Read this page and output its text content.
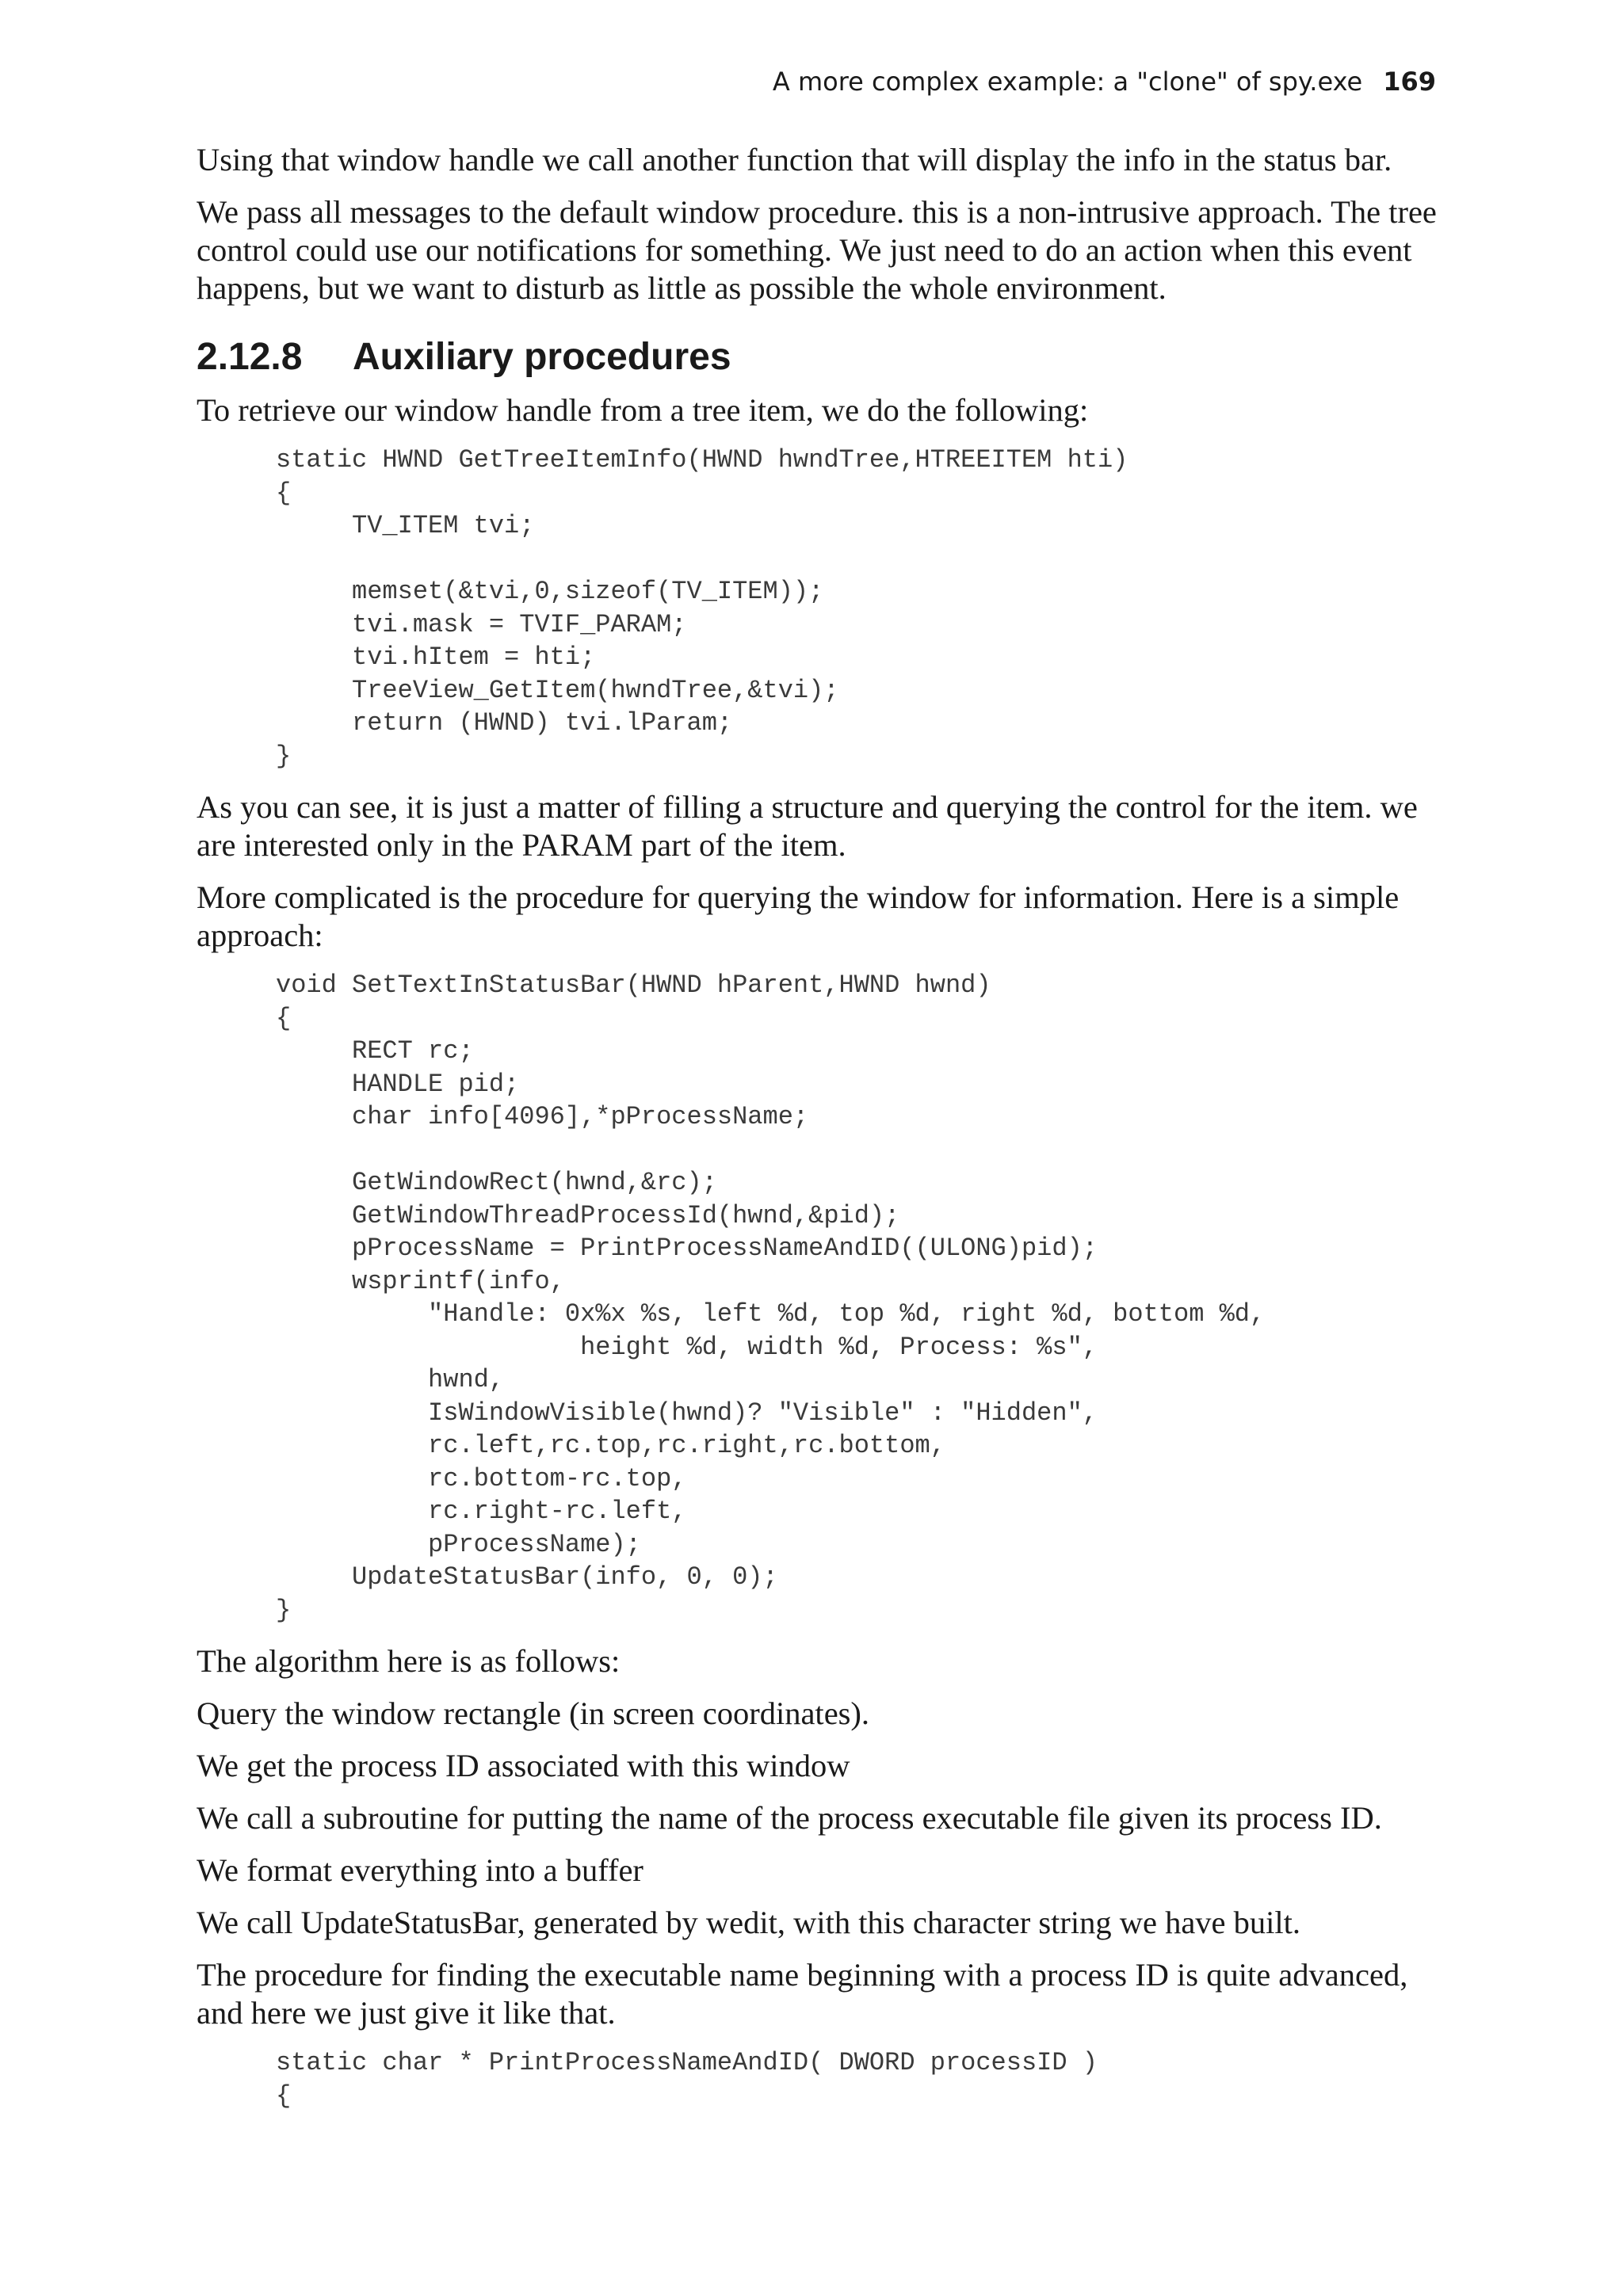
A more complex example: a "clone" of spy.exe 169

Using that window handle we call another function that will display the info in the status bar.

We pass all messages to the default window procedure. this is a non-intrusive approach. The tree control could use our notifications for something. We just need to do an action when this event happens, but we want to disturb as little as possible the whole environment.

2.12.8 Auxiliary procedures

To retrieve our window handle from a tree item, we do the following:

static HWND GetTreeItemInfo(HWND hwndTree,HTREEITEM hti)
{
TV_ITEM tvi;

memset(&tvi,0,sizeof(TV_ITEM));
tvi.mask = TVIF_PARAM;
tvi.hItem = hti;
TreeView_GetItem(hwndTree,&tvi);
return (HWND) tvi.lParam;
}

As you can see, it is just a matter of filling a structure and querying the control for the item. we are interested only in the PARAM part of the item.

More complicated is the procedure for querying the window for information. Here is a simple approach:

void SetTextInStatusBar(HWND hParent,HWND hwnd)
{
RECT rc;
HANDLE pid;
char info[4096],*pProcessName;

GetWindowRect(hwnd,&rc);
GetWindowThreadProcessId(hwnd,&pid);
pProcessName = PrintProcessNameAndID((ULONG)pid);
wsprintf(info,
"Handle: 0x%x %s, left %d, top %d, right %d, bottom %d,
height %d, width %d, Process: %s",
hwnd,
IsWindowVisible(hwnd)? "Visible" : "Hidden",
rc.left,rc.top,rc.right,rc.bottom,
rc.bottom-rc.top,
rc.right-rc.left,
pProcessName);
UpdateStatusBar(info, 0, 0);
}

The algorithm here is as follows:

Query the window rectangle (in screen coordinates).

We get the process ID associated with this window

We call a subroutine for putting the name of the process executable file given its process ID.

We format everything into a buffer

We call UpdateStatusBar, generated by wedit, with this character string we have built.

The procedure for finding the executable name beginning with a process ID is quite advanced, and here we just give it like that.

static char * PrintProcessNameAndID( DWORD processID )
{
